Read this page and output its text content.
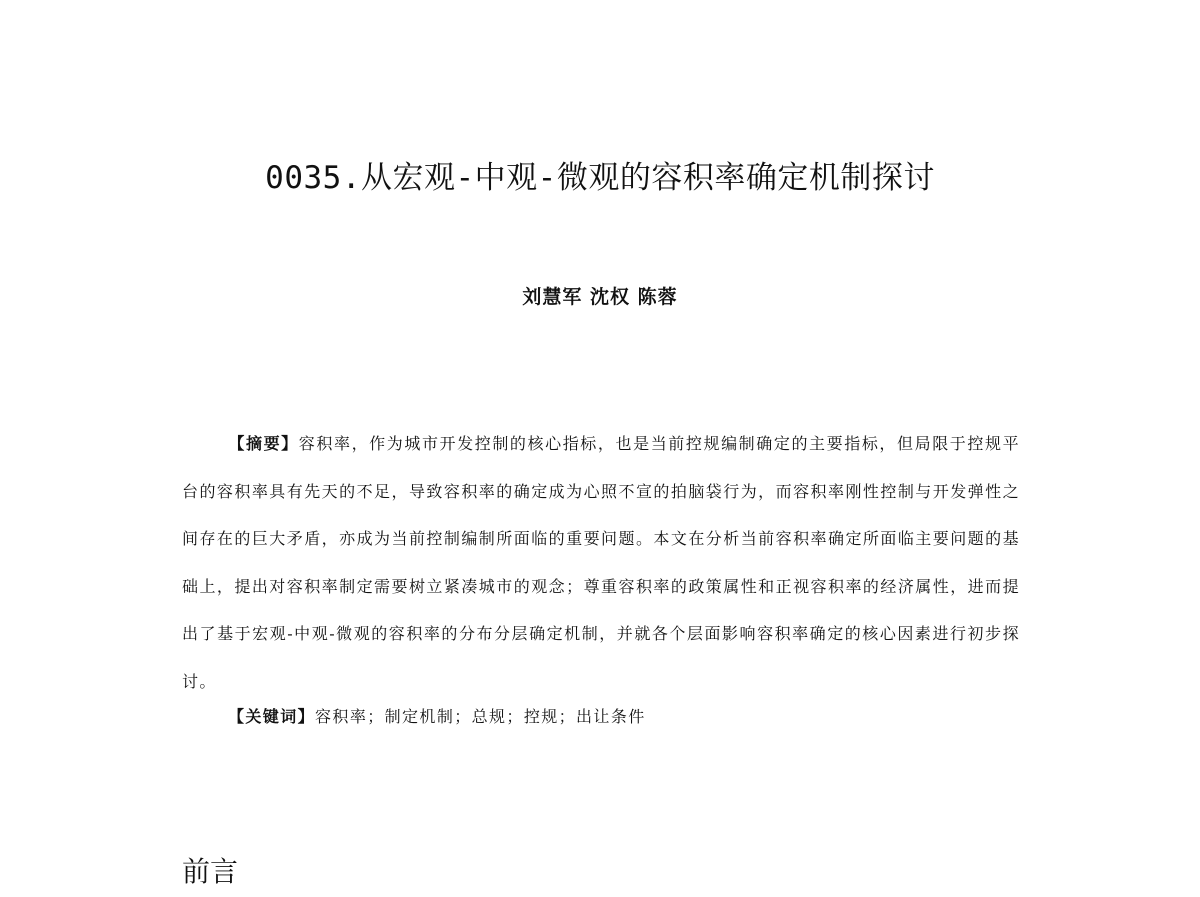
0035.从宏观-中观-微观的容积率确定机制探讨
刘慧军 沈权 陈蓉

【摘要】容积率，作为城市开发控制的核心指标，也是当前控规编制确定的主要指标，但局限于控规平台的容积率具有先天的不足，导致容积率的确定成为心照不宣的拍脑袋行为，而容积率刚性控制与开发弹性之间存在的巨大矛盾，亦成为当前控制编制所面临的重要问题。本文在分析当前容积率确定所面临主要问题的基础上，提出对容积率制定需要树立紧凑城市的观念；尊重容积率的政策属性和正视容积率的经济属性，进而提出了基于宏观-中观-微观的容积率的分布分层确定机制，并就各个层面影响容积率确定的核心因素进行初步探讨。

【关键词】容积率；制定机制；总规；控规；出让条件

前言
